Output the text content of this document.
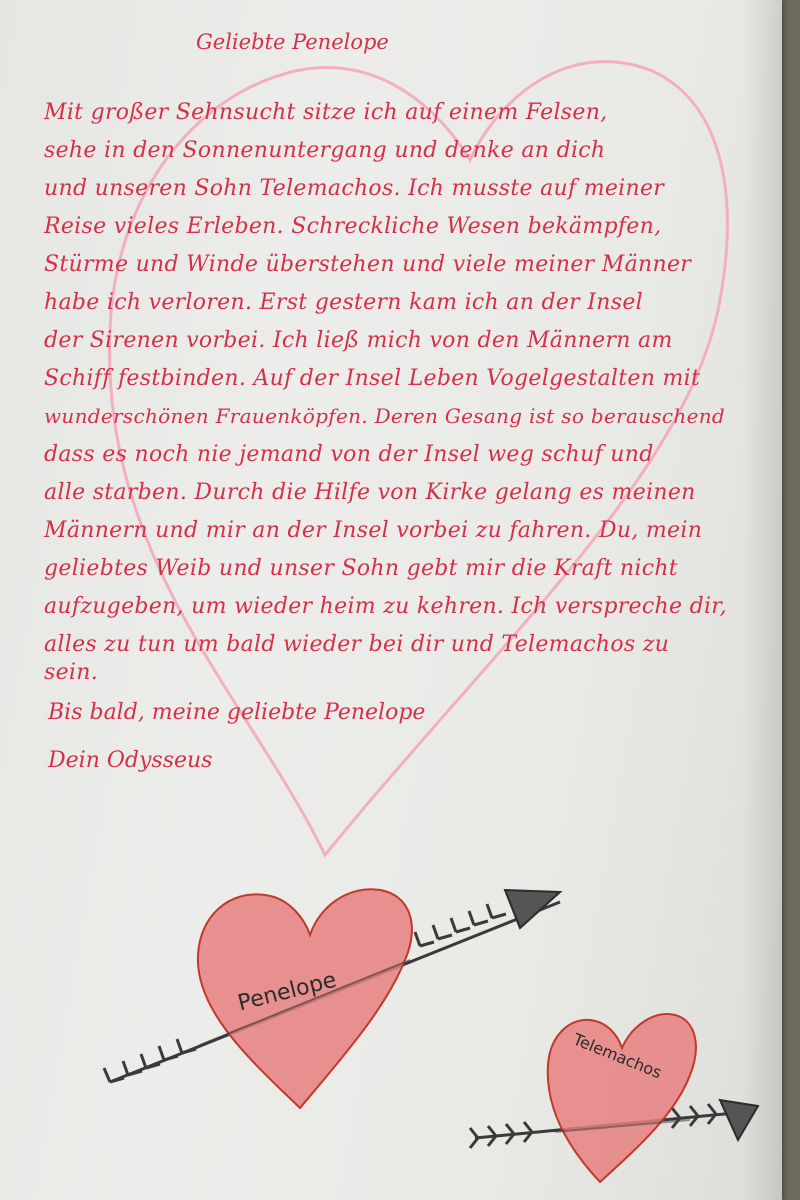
Geliebte Penelope
Mit großer Sehnsucht sitze ich auf einem Felsen,
sehe in den Sonnenuntergang und denke an dich
und unseren Sohn Telemachos. Ich musste auf meiner
Reise vieles Erleben. Schreckliche Wesen bekämpfen,
Stürme und Winde überstehen und viele meiner Männer
habe ich verloren. Erst gestern kam ich an der Insel
der Sirenen vorbei. Ich ließ mich von den Männern am
Schiff festbinden. Auf der Insel Leben Vogelgestalten mit
wunderschönen Frauenköpfen. Deren Gesang ist so berauschend
dass es noch nie jemand von der Insel weg schuf und
alle starben. Durch die Hilfe von Kirke gelang es meinen
Männern und mir an der Insel vorbei zu fahren. Du, mein
geliebtes Weib und unser Sohn gebt mir die Kraft nicht
aufzugeben, um wieder heim zu kehren. Ich verspreche dir,
alles zu tun um bald wieder bei dir und Telemachos zu
sein.
Bis bald, meine geliebte Penelope
Dein Odysseus
Penelope
Telemachos
